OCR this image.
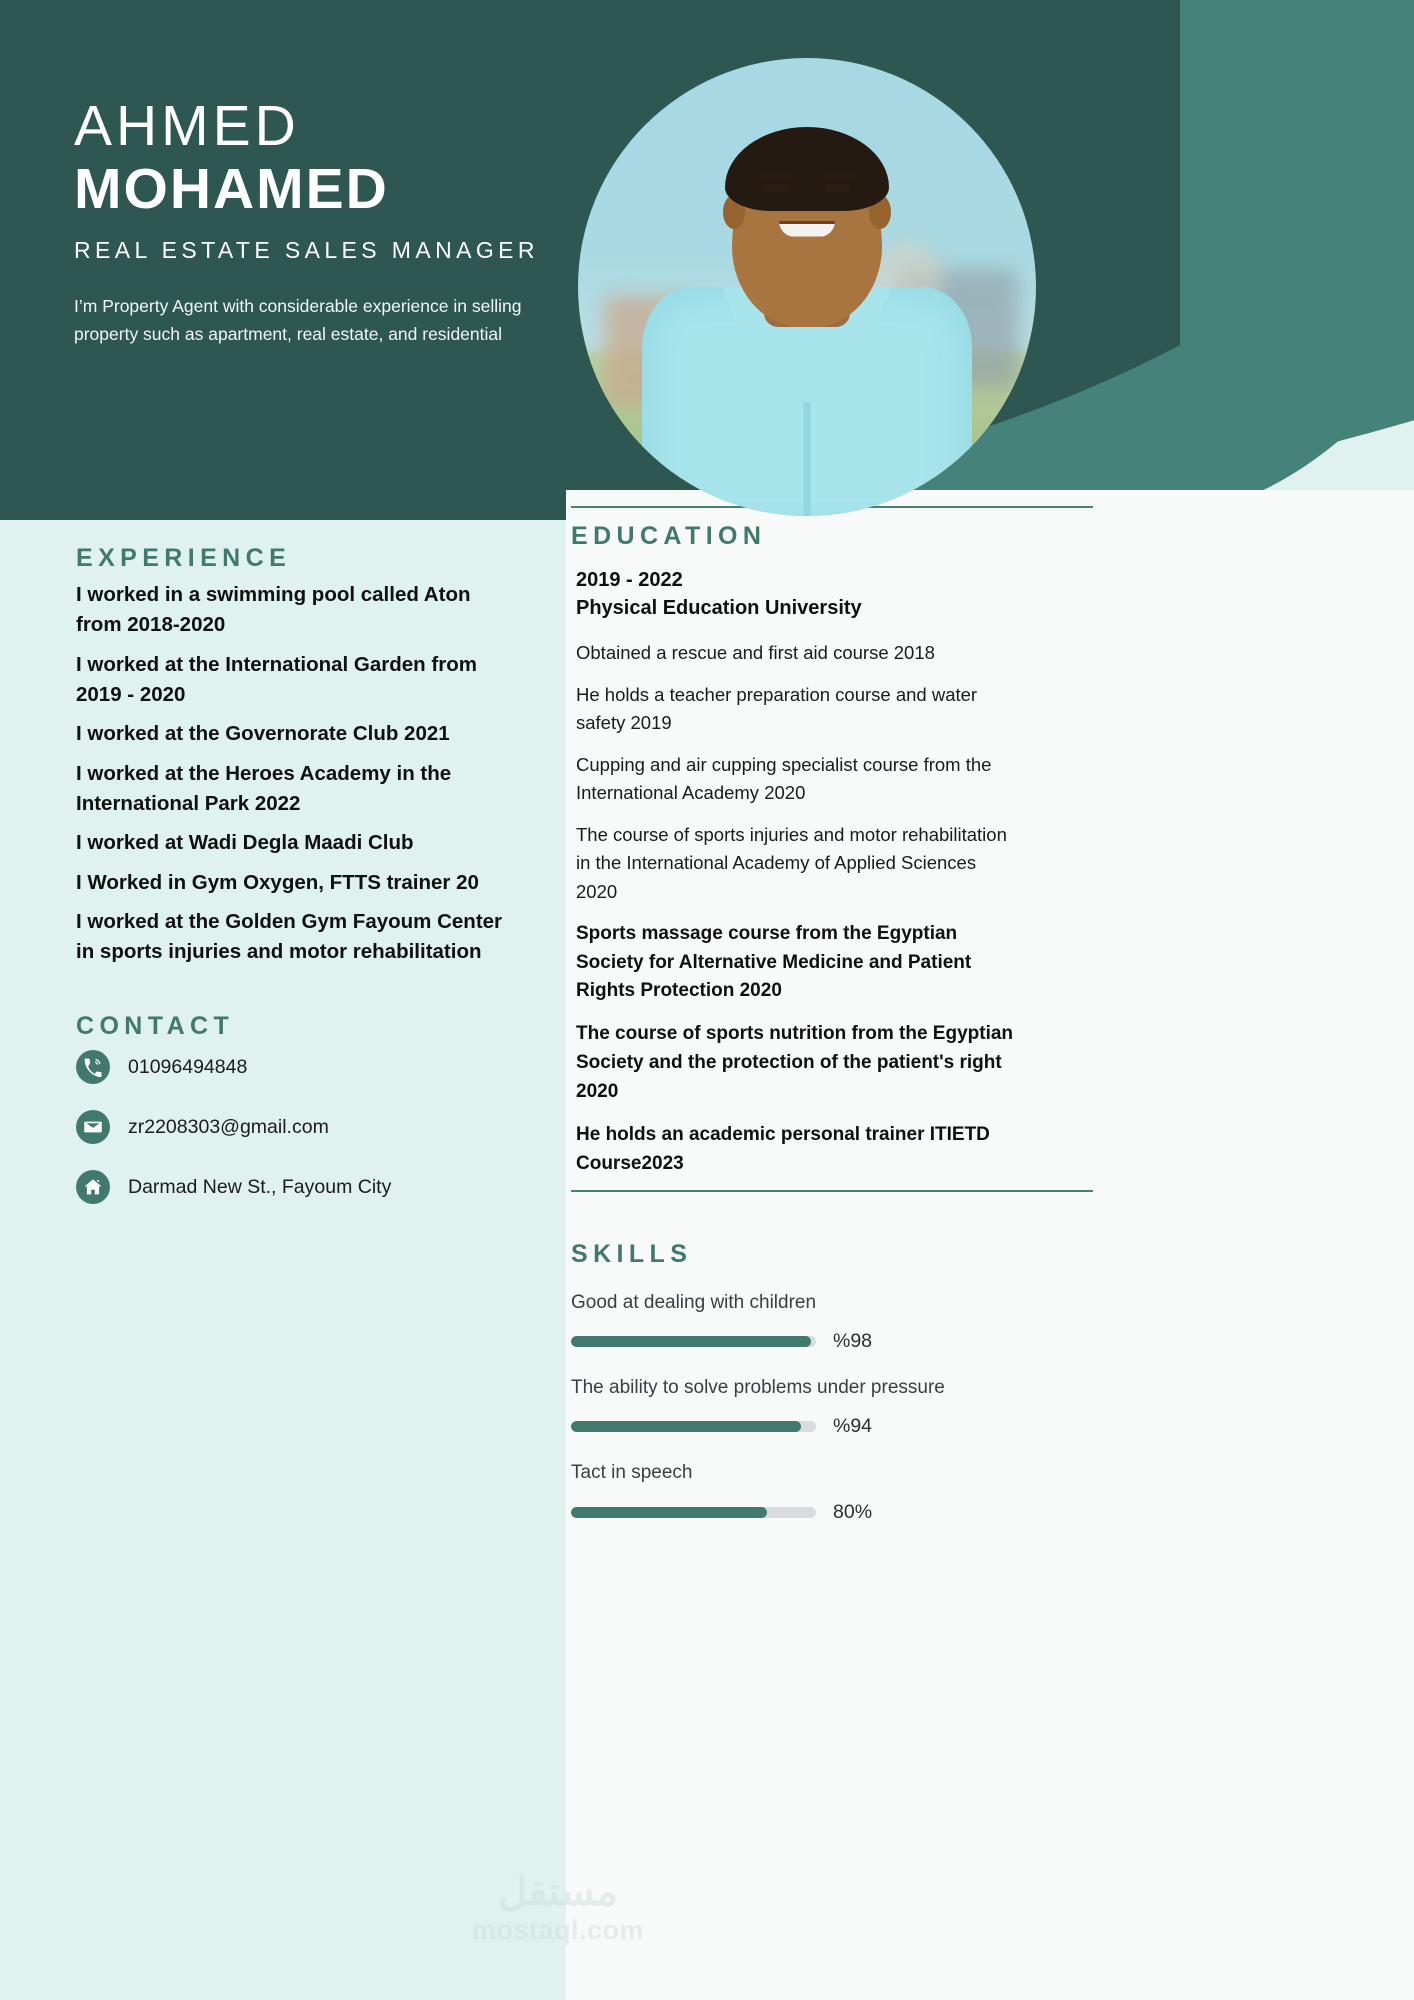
AHMED
MOHAMED
REAL ESTATE SALES MANAGER
I’m Property Agent with considerable experience in selling property such as apartment, real estate, and residential
EXPERIENCE
I worked in a swimming pool called Aton from 2018-2020
I worked at the International Garden from 2019 - 2020
I worked at the Governorate Club 2021
I worked at the Heroes Academy in the International Park 2022
I worked at Wadi Degla Maadi Club
I Worked in Gym Oxygen, FTTS trainer 20
I worked at the Golden Gym Fayoum Center in sports injuries and motor rehabilitation
CONTACT
01096494848
zr2208303@gmail.com
Darmad New St., Fayoum City
EDUCATION
2019 - 2022
Physical Education University
Obtained a rescue and first aid course 2018
He holds a teacher preparation course and water safety 2019
Cupping and air cupping specialist course from the International Academy 2020
The course of sports injuries and motor rehabilitation in the International Academy of Applied Sciences 2020
Sports massage course from the Egyptian Society for Alternative Medicine and Patient Rights Protection 2020
The course of sports nutrition from the Egyptian Society and the protection of the patient's right 2020
He holds an academic personal trainer ITIETD Course2023
SKILLS
Good at dealing with children
%98
The ability to solve problems under pressure
%94
Tact in speech
80%
مستقل
mostaql.com
